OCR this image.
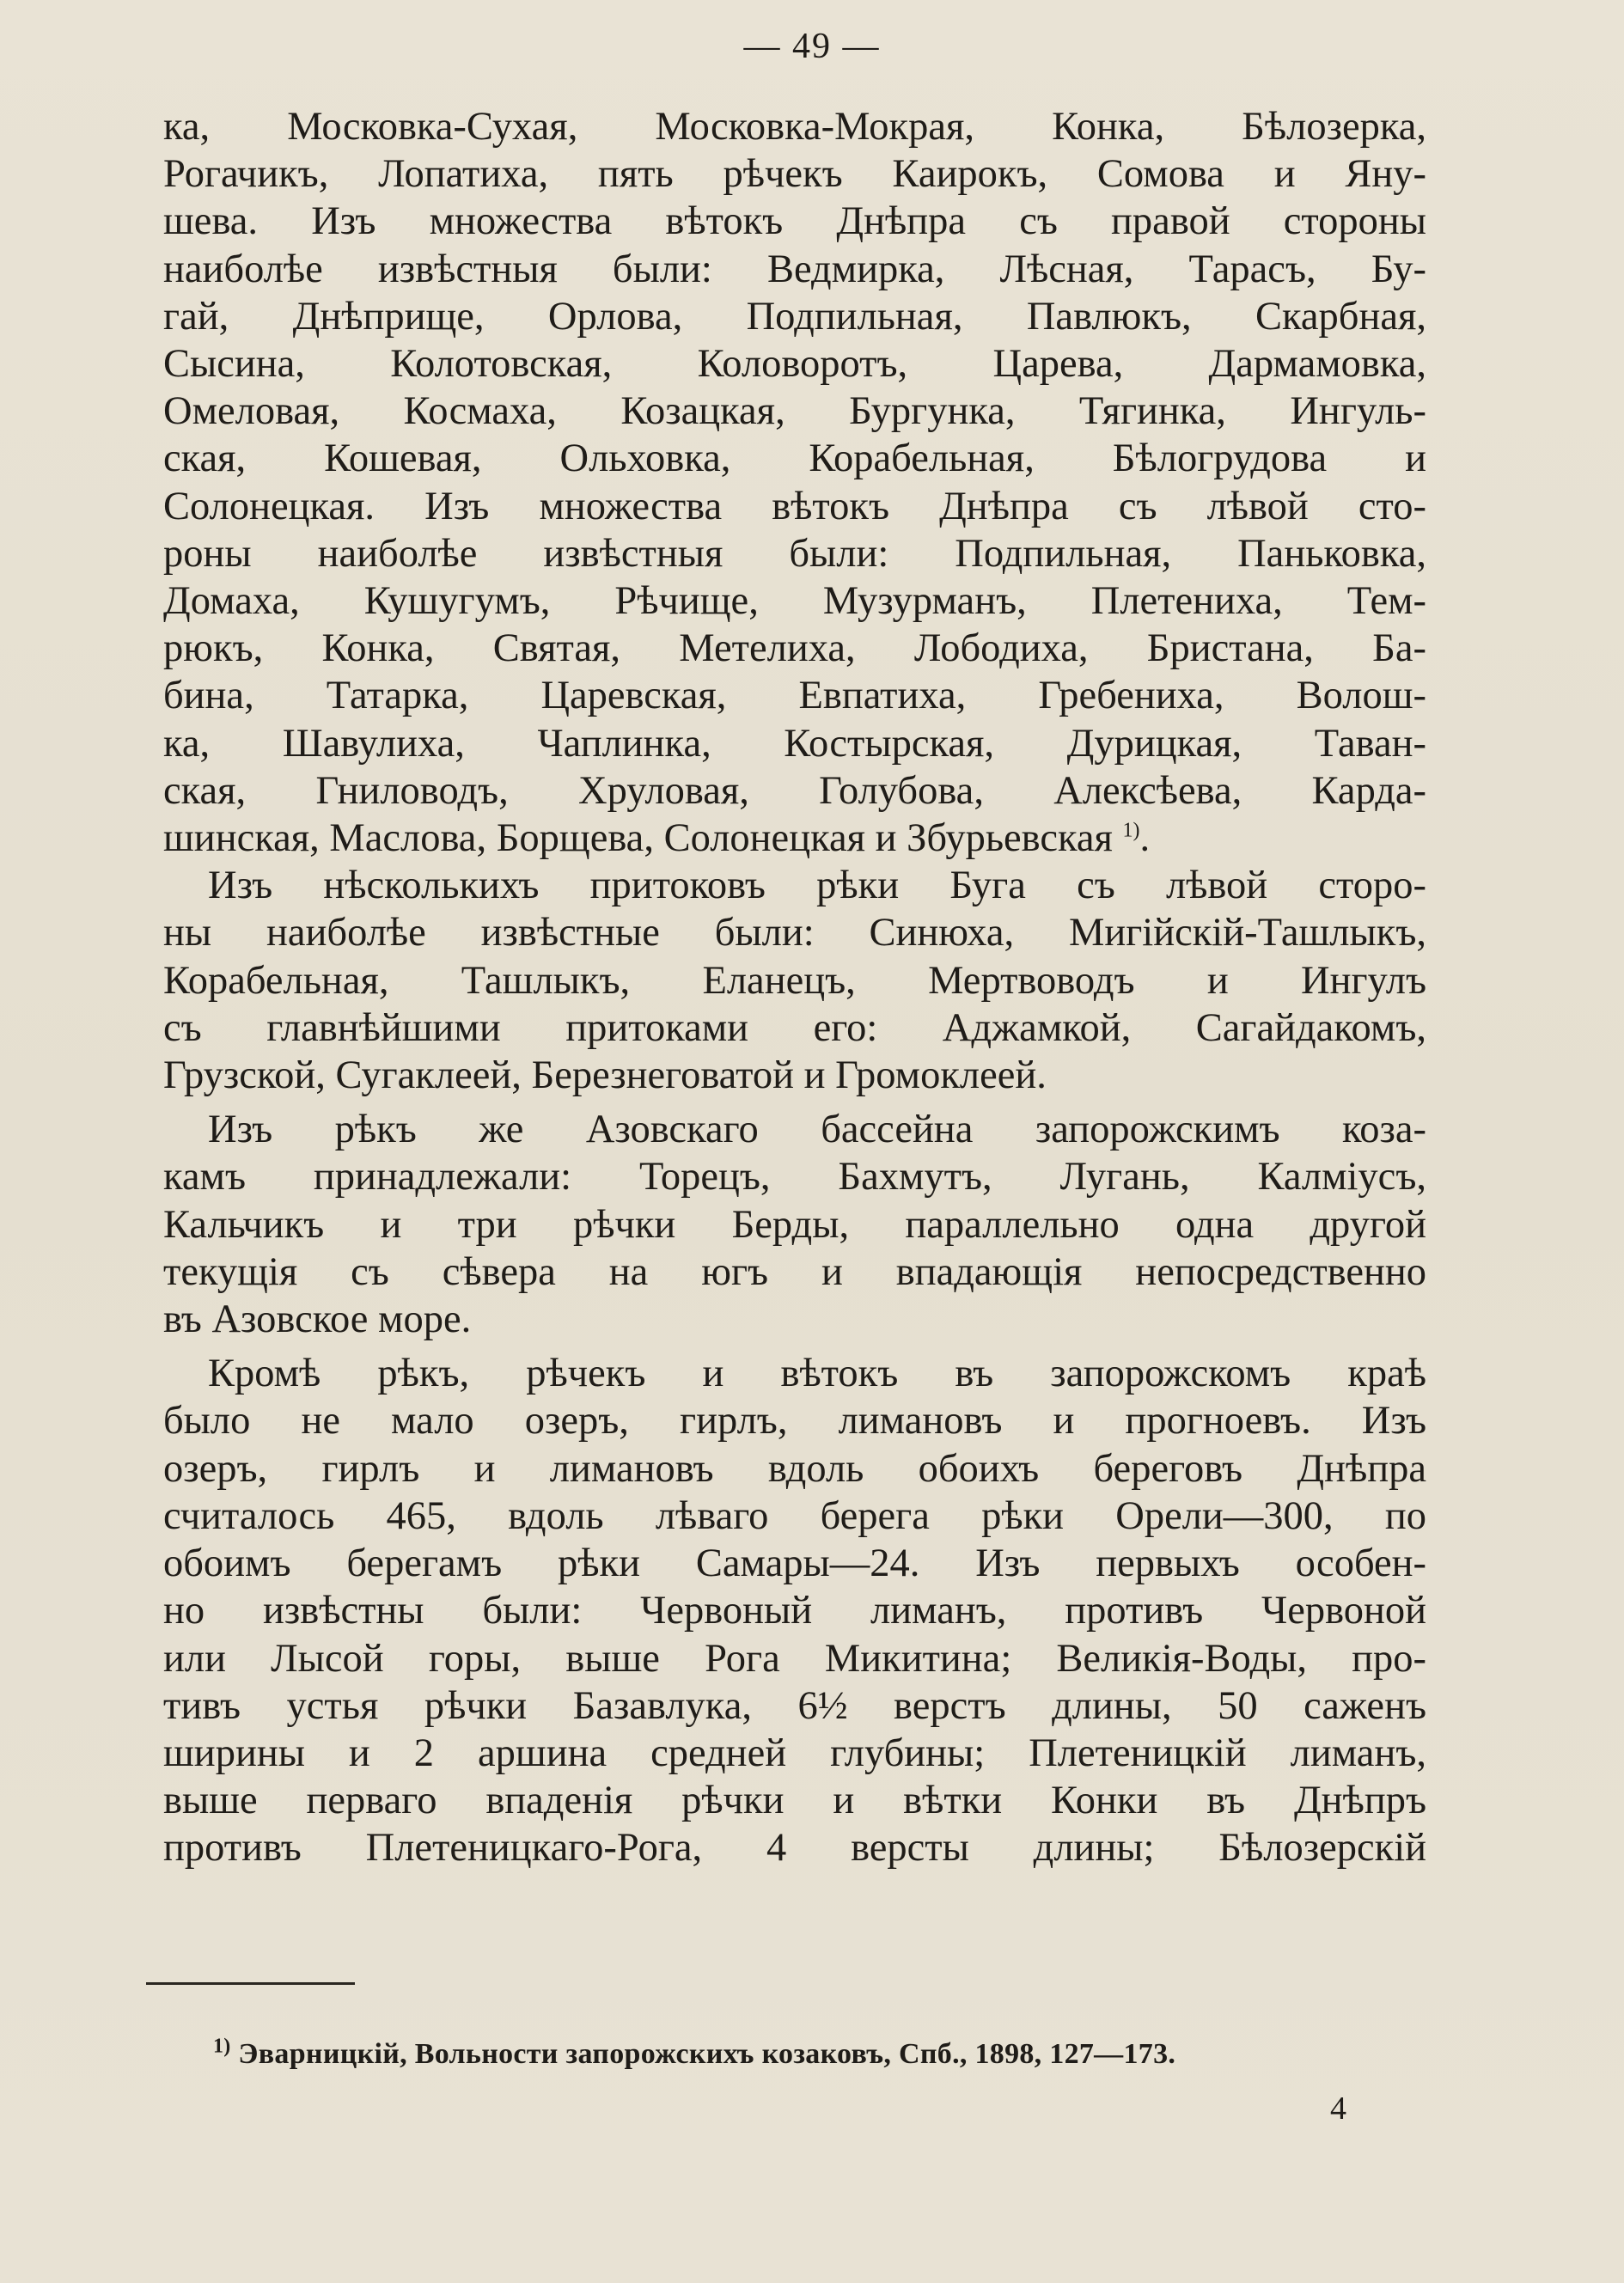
— 49 —
ка, Московка-Сухая, Московка-Мокрая, Конка, Бѣлозерка,
Рогачикъ, Лопатиха, пять рѣчекъ Каирокъ, Сомова и Яну-
шева. Изъ множества вѣтокъ Днѣпра съ правой стороны
наиболѣе извѣстныя были: Ведмирка, Лѣсная, Тарасъ, Бу-
гай, Днѣприще, Орлова, Подпильная, Павлюкъ, Скарбная,
Сысина, Колотовская, Коловоротъ, Царева, Дармамовка,
Омеловая, Космаха, Козацкая, Бургунка, Тягинка, Ингуль-
ская, Кошевая, Ольховка, Корабельная, Бѣлогрудова и
Солонецкая. Изъ множества вѣтокъ Днѣпра съ лѣвой сто-
роны наиболѣе извѣстныя были: Подпильная, Паньковка,
Домаха, Кушугумъ, Рѣчище, Музурманъ, Плетениха, Тем-
рюкъ, Конка, Святая, Метелиха, Лободиха, Бристана, Ба-
бина, Татарка, Царевская, Евпатиха, Гребениха, Волош-
ка, Шавулиха, Чаплинка, Костырская, Дурицкая, Таван-
ская, Гниловодъ, Хруловая, Голубова, Алексѣева, Карда-
шинская, Маслова, Борщева, Солонецкая и Збурьевская $^{1)}$.
Изъ нѣсколькихъ притоковъ рѣки Буга съ лѣвой сторо-
ны наиболѣе извѣстные были: Синюха, Мигійскій-Ташлыкъ,
Корабельная, Ташлыкъ, Еланецъ, Мертвоводъ и Ингулъ
съ главнѣйшими притоками его: Аджамкой, Сагайдакомъ,
Грузской, Сугаклеей, Березнеговатой и Громоклеей.
Изъ рѣкъ же Азовскаго бассейна запорожскимъ коза-
камъ принадлежали: Торецъ, Бахмутъ, Лугань, Калміусъ,
Кальчикъ и три рѣчки Берды, параллельно одна другой
текущія съ сѣвера на югъ и впадающія непосредственно
въ Азовское море.
Кромѣ рѣкъ, рѣчекъ и вѣтокъ въ запорожскомъ краѣ
было не мало озеръ, гирлъ, лимановъ и прогноевъ. Изъ
озеръ, гирлъ и лимановъ вдоль обоихъ береговъ Днѣпра
считалось 465, вдоль лѣваго берега рѣки Орели—300, по
обоимъ берегамъ рѣки Самары—24. Изъ первыхъ особен-
но извѣстны были: Червоный лиманъ, противъ Червоной
или Лысой горы, выше Рога Микитина; Великія-Воды, про-
тивъ устья рѣчки Базавлука, 6½ верстъ длины, 50 саженъ
ширины и 2 аршина средней глубины; Плетеницкій лиманъ,
выше перваго впаденія рѣчки и вѣтки Конки въ Днѣпръ
противъ Плетеницкаго-Рога, 4 версты длины; Бѣлозерскій
$^{1)}$ Эварницкій, Вольности запорожскихъ козаковъ, Спб., 1898, 127—173.
4
